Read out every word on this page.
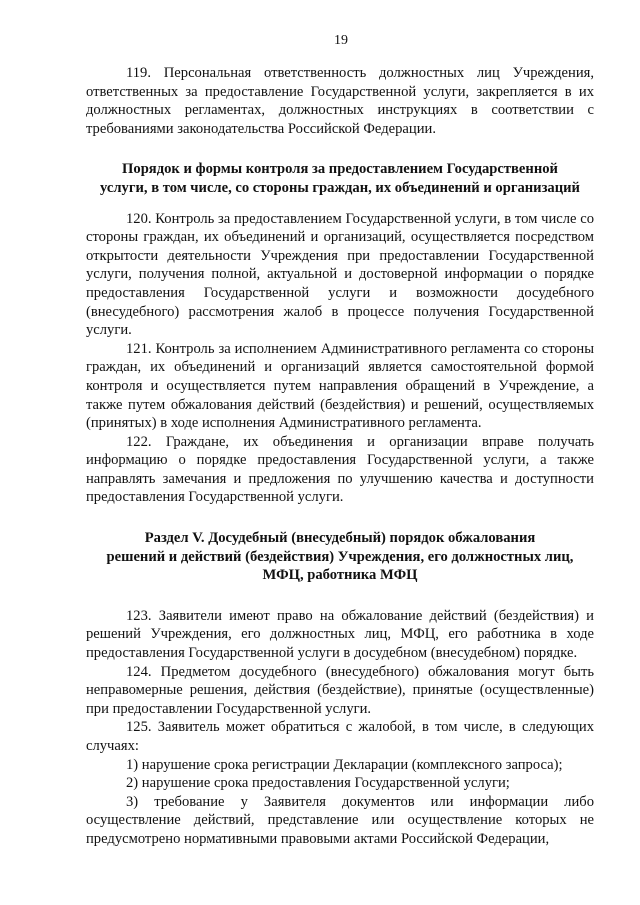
19

119. Персональная ответственность должностных лиц Учреждения, ответственных за предоставление Государственной услуги, закрепляется в их должностных регламентах, должностных инструкциях в соответствии с требованиями законодательства Российской Федерации.

Порядок и формы контроля за предоставлением Государственной
услуги, в том числе, со стороны граждан, их объединений и организаций

120. Контроль за предоставлением Государственной услуги, в том числе со стороны граждан, их объединений и организаций, осуществляется посредством открытости деятельности Учреждения при предоставлении Государственной услуги, получения полной, актуальной и достоверной информации о порядке предоставления Государственной услуги и возможности досудебного (внесудебного) рассмотрения жалоб в процессе получения Государственной услуги.

121. Контроль за исполнением Административного регламента со стороны граждан, их объединений и организаций является самостоятельной формой контроля и осуществляется путем направления обращений в Учреждение, а также путем обжалования действий (бездействия) и решений, осуществляемых (принятых) в ходе исполнения Административного регламента.

122. Граждане, их объединения и организации вправе получать информацию о порядке предоставления Государственной услуги, а также направлять замечания и предложения по улучшению качества и доступности предоставления Государственной услуги.

Раздел V. Досудебный (внесудебный) порядок обжалования
решений и действий (бездействия) Учреждения, его должностных лиц,
МФЦ, работника МФЦ

123. Заявители имеют право на обжалование действий (бездействия) и решений Учреждения, его должностных лиц, МФЦ, его работника в ходе предоставления Государственной услуги в досудебном (внесудебном) порядке.

124. Предметом досудебного (внесудебного) обжалования могут быть неправомерные решения, действия (бездействие), принятые (осуществленные) при предоставлении Государственной услуги.

125. Заявитель может обратиться с жалобой, в том числе, в следующих случаях:

1) нарушение срока регистрации Декларации (комплексного запроса);

2) нарушение срока предоставления Государственной услуги;

3) требование у Заявителя документов или информации либо осуществление действий, представление или осуществление которых не предусмотрено нормативными правовыми актами Российской Федерации,
